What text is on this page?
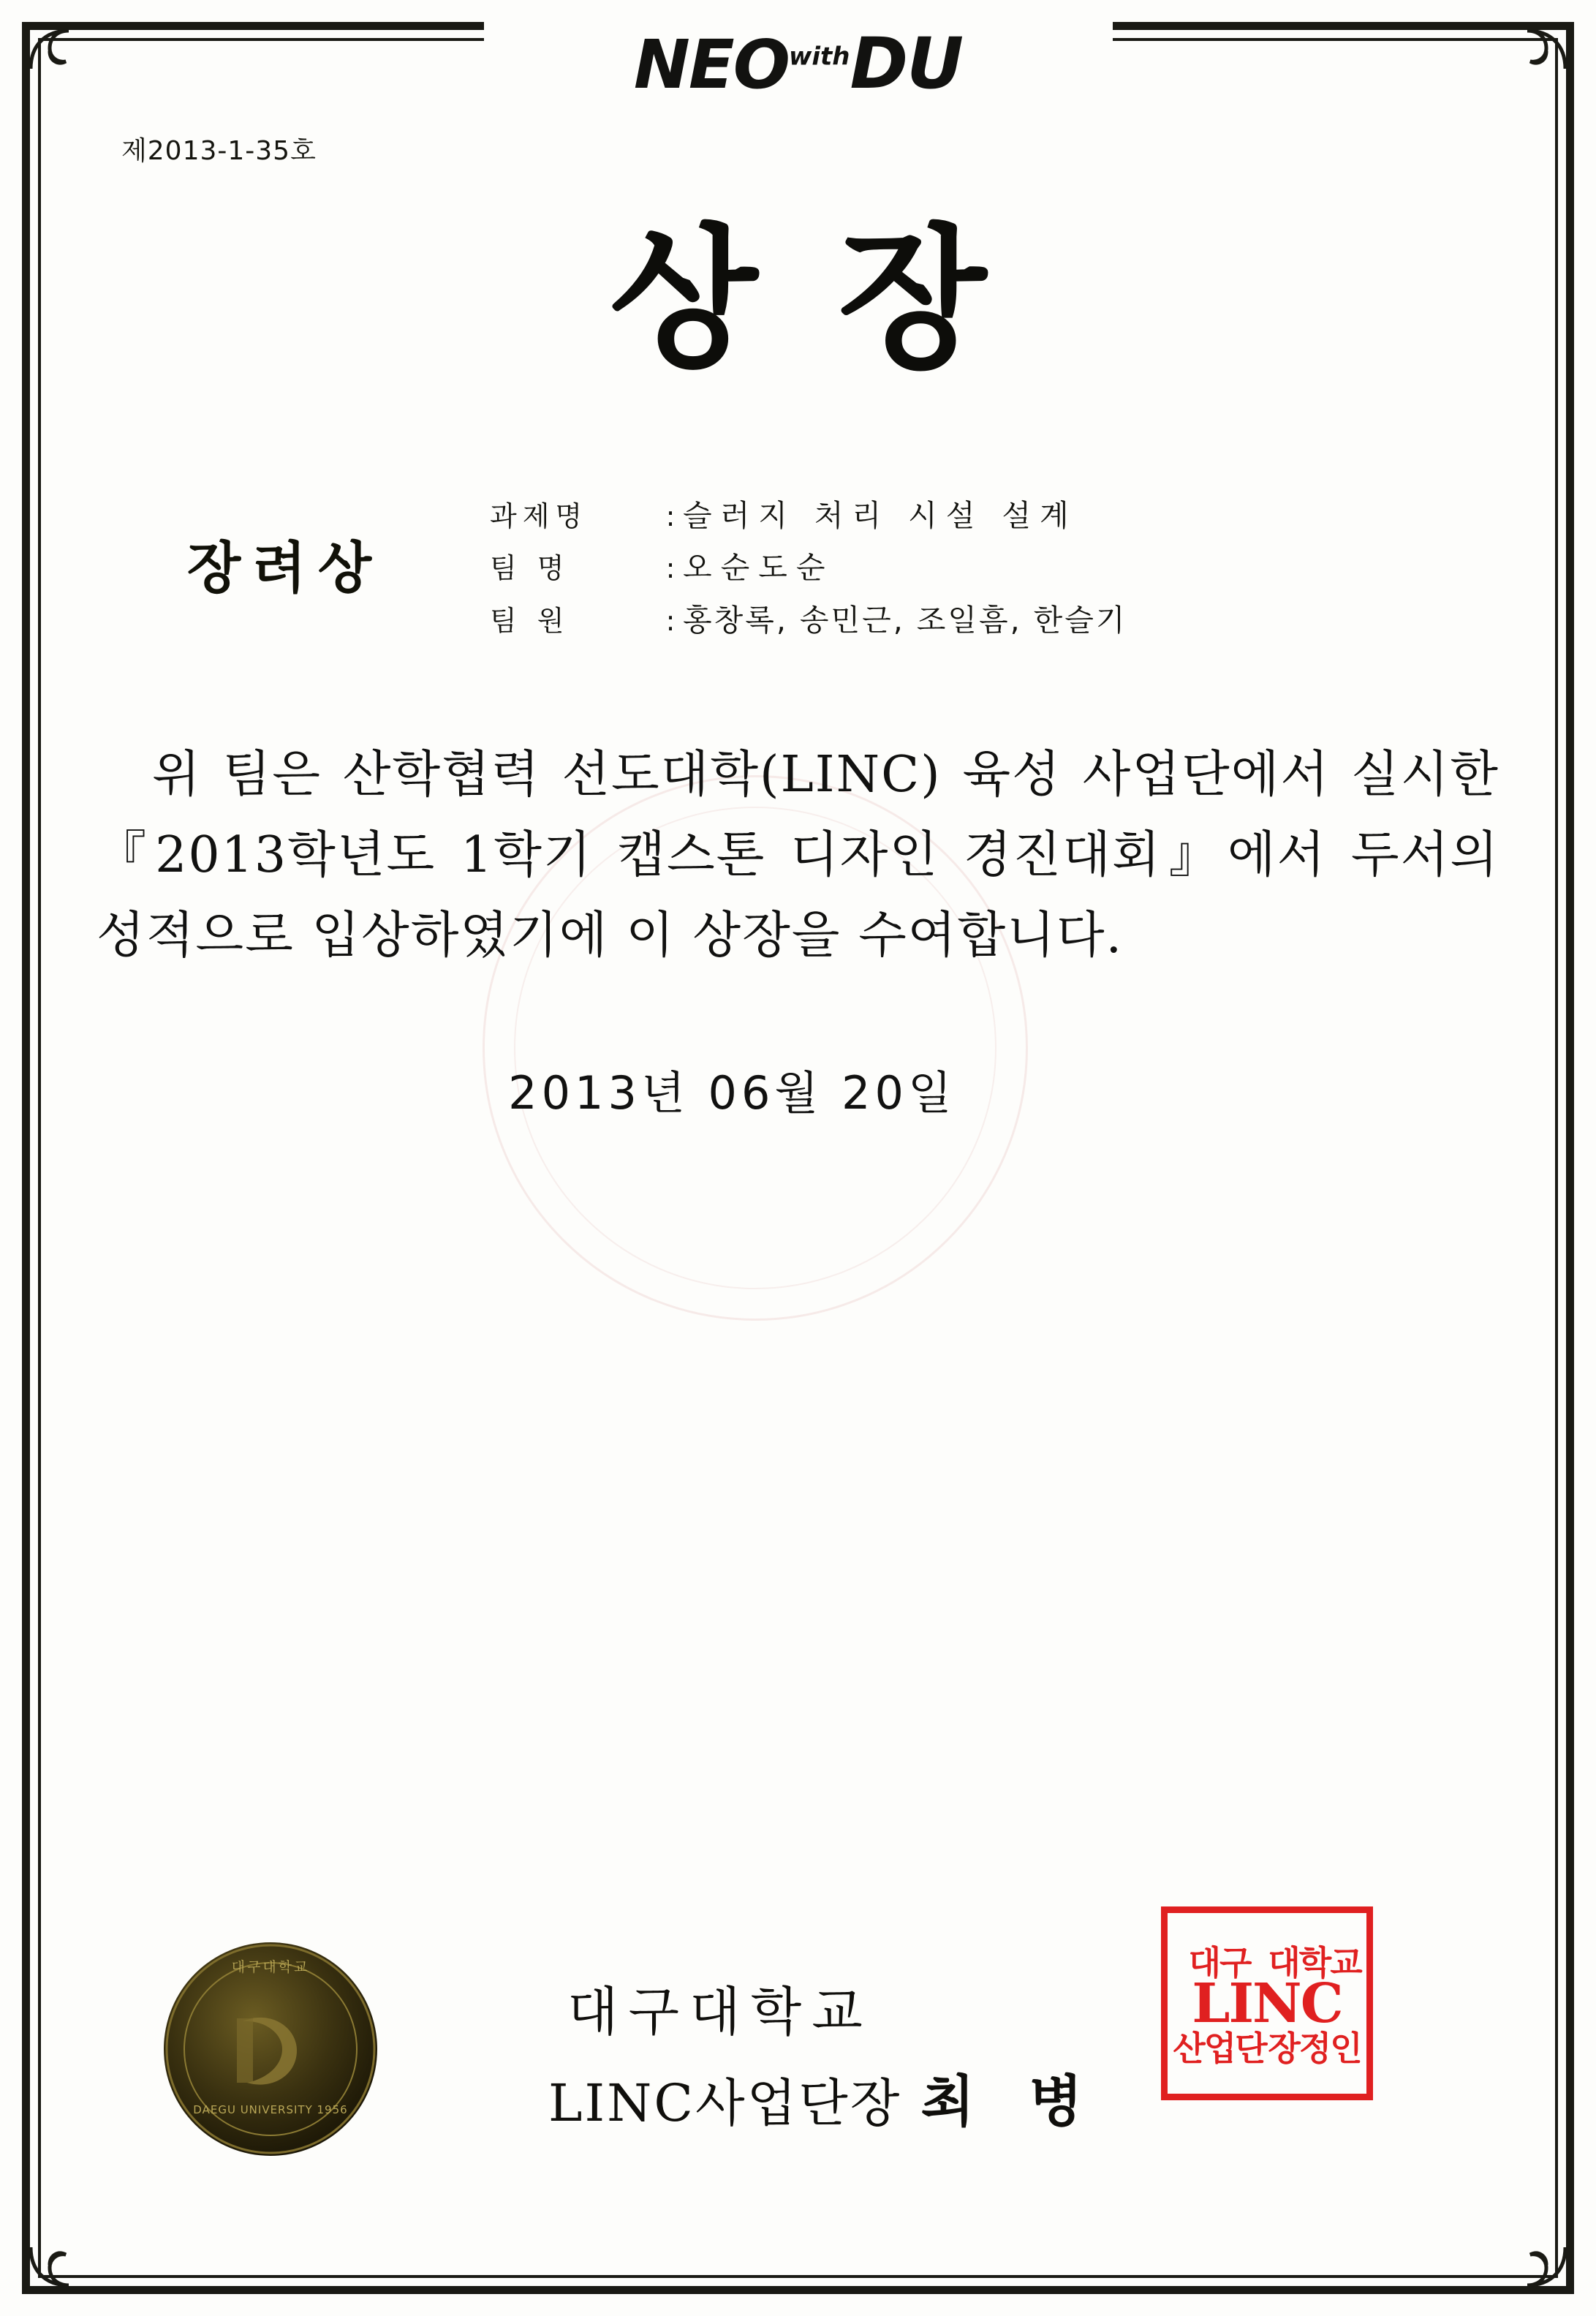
$NEO^{with}DU$
제2013-1-35호
상장
장려상
과제명	: 슬러지 처리 시설 설계
팀 명	: 오순도순
팀 원	: 홍창록, 송민근, 조일흠, 한슬기
위 팀은 산학협력 선도대학(LINC) 육성 사업단에서 실시한 『2013학년도 1학기 캡스톤 디자인 경진대회』에서 두서의 성적으로 입상하였기에 이 상장을 수여합니다.
2013년 06월 20일
DAEGU UNIVERSITY 1956
대구대학교
대구대학교
LINC사업단장 최 병
대구 대학교
산업단 장정인
LINC
